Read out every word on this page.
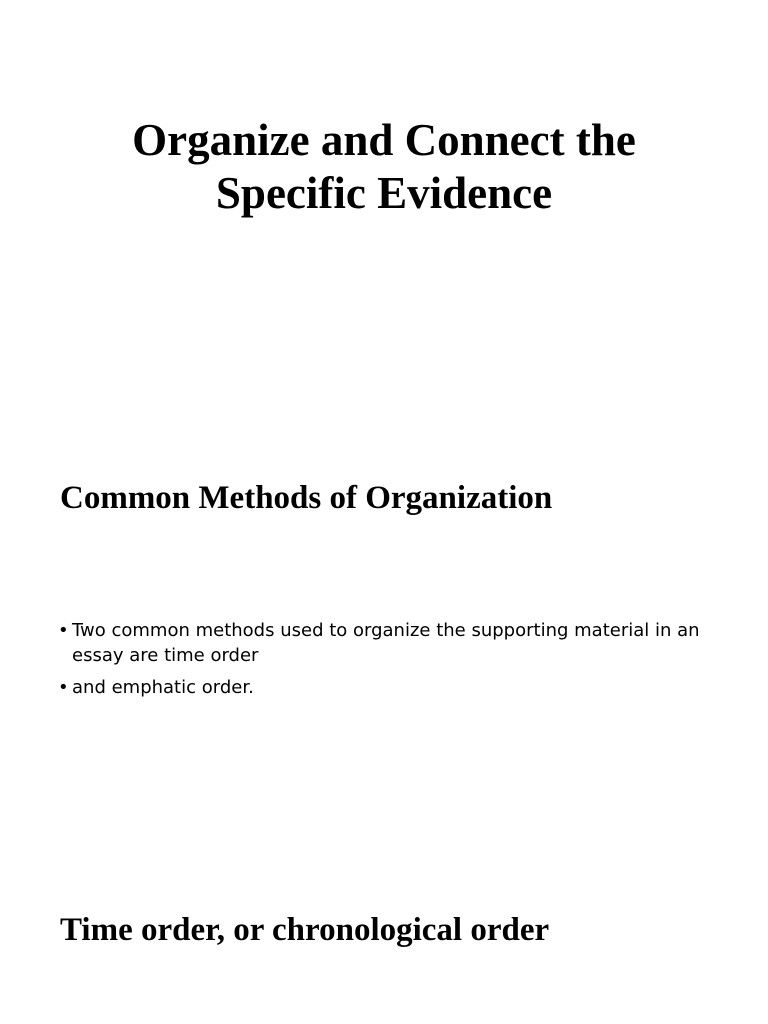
Organize and Connect the
Specific Evidence
Common Methods of Organization
• Two common methods used to organize the supporting material in an essay are time order
• and emphatic order.
Time order, or chronological order
